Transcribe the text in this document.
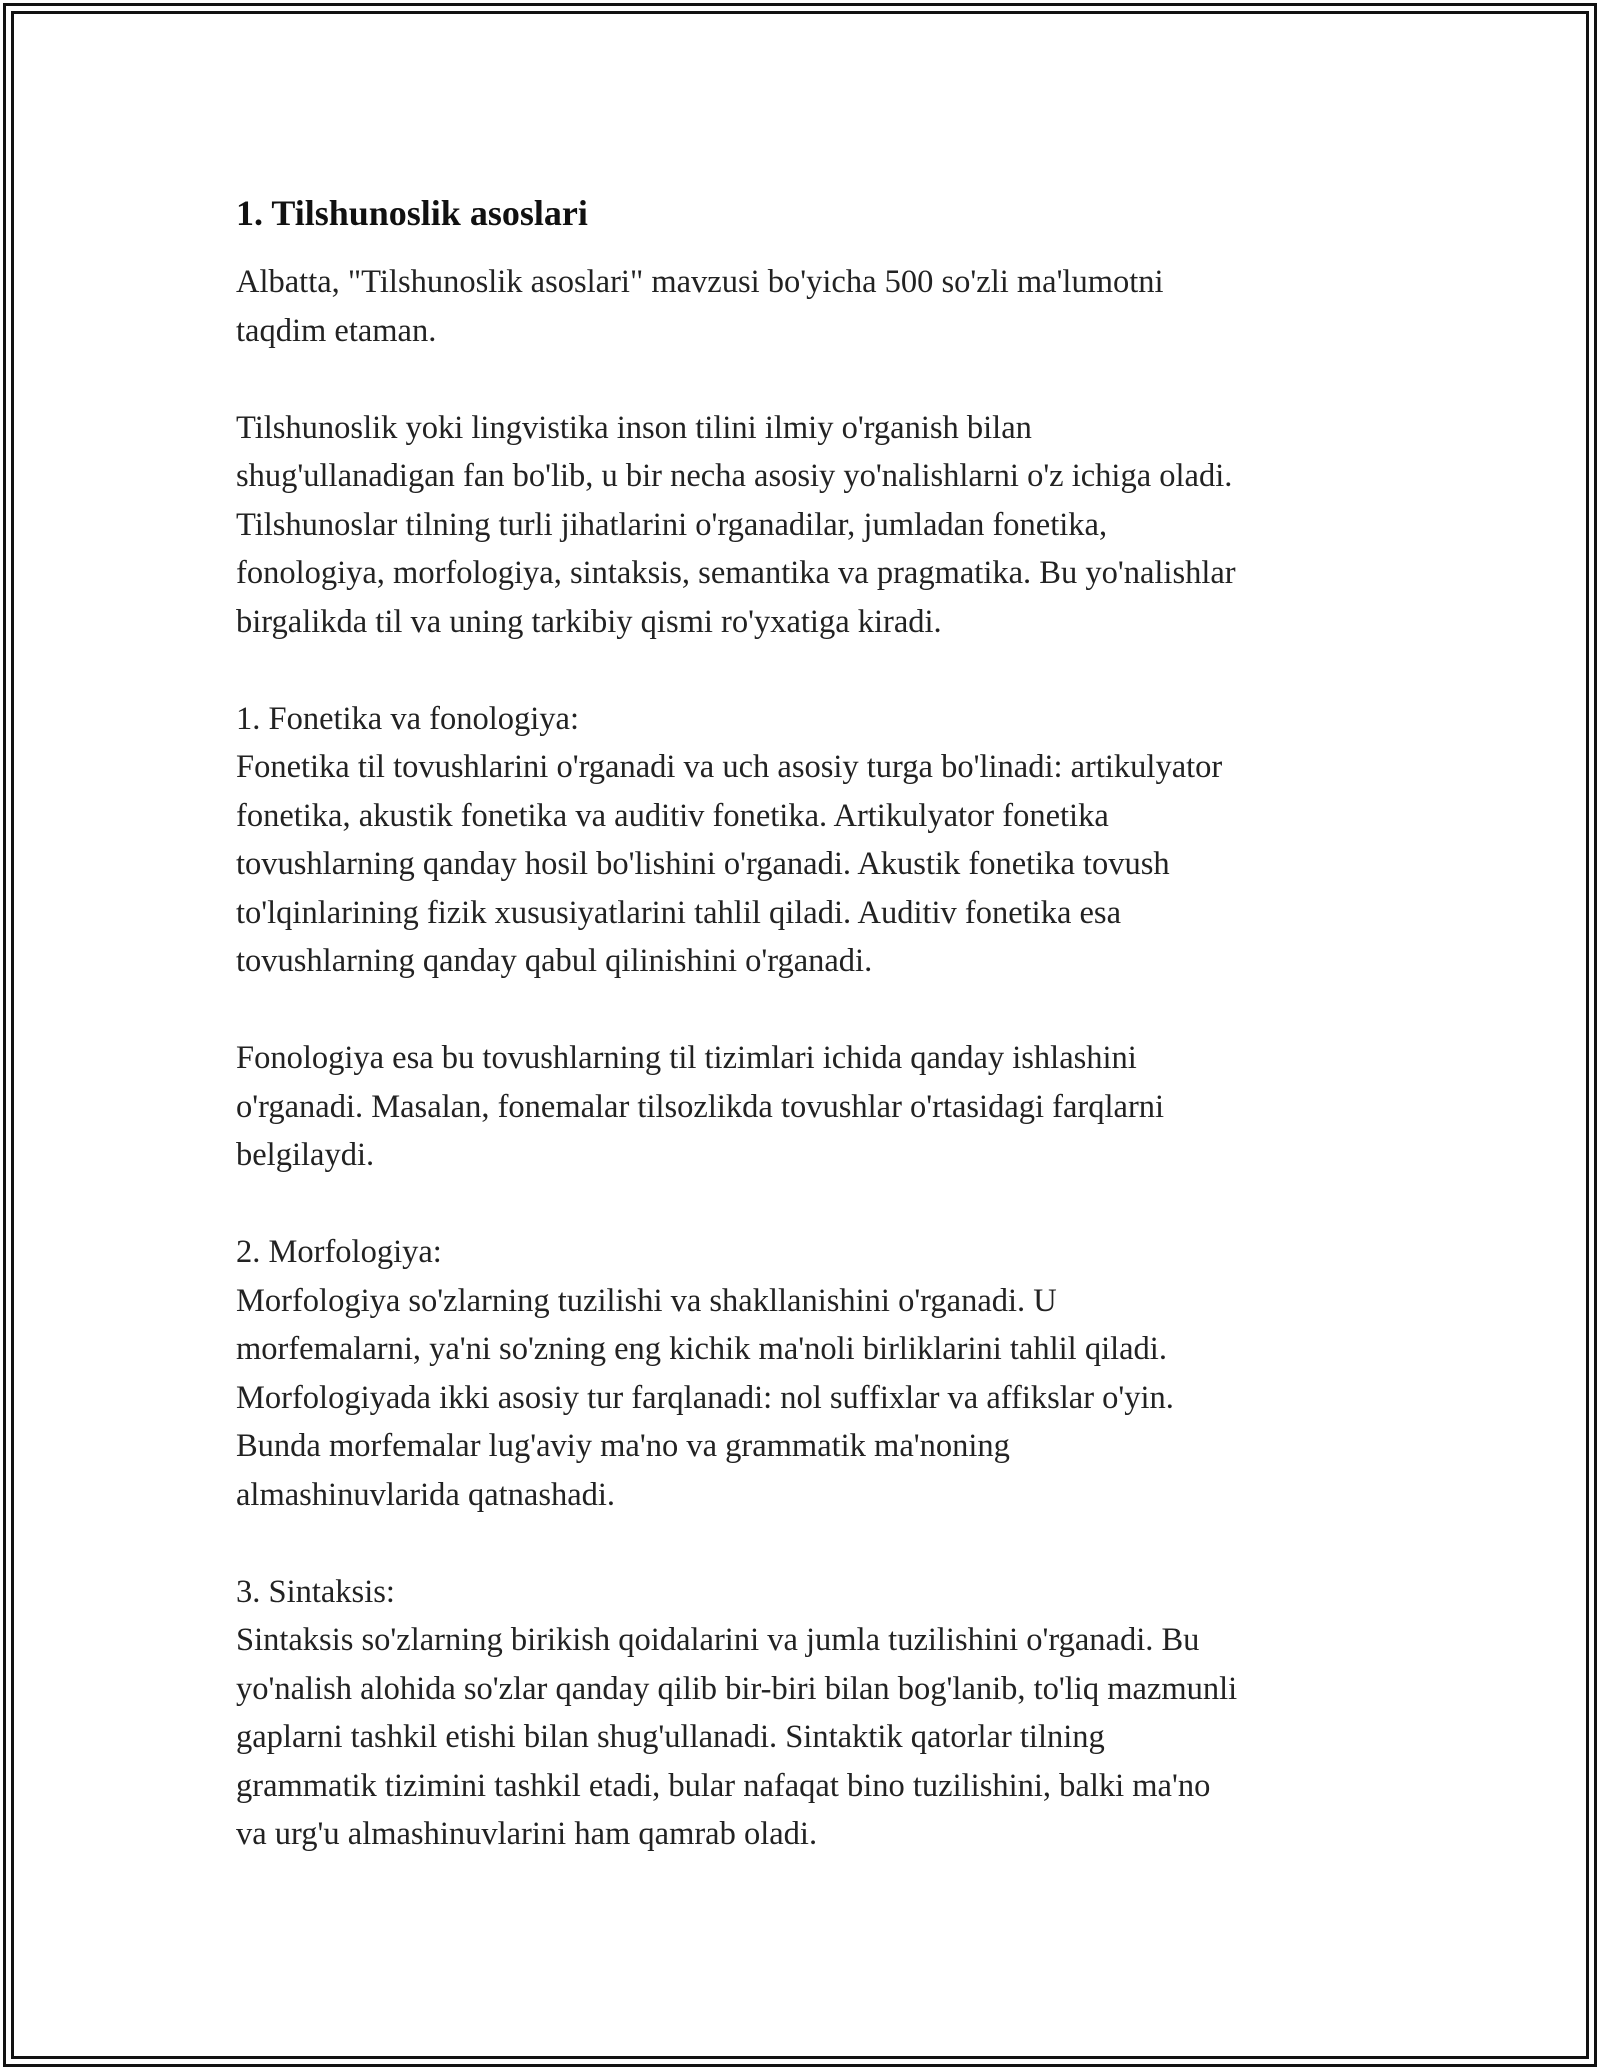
1. Tilshunoslik asoslari
Albatta, "Tilshunoslik asoslari" mavzusi bo'yicha 500 so'zli ma'lumotni
taqdim etaman.
Tilshunoslik yoki lingvistika inson tilini ilmiy o'rganish bilan
shug'ullanadigan fan bo'lib, u bir necha asosiy yo'nalishlarni o'z ichiga oladi.
Tilshunoslar tilning turli jihatlarini o'rganadilar, jumladan fonetika,
fonologiya, morfologiya, sintaksis, semantika va pragmatika. Bu yo'nalishlar
birgalikda til va uning tarkibiy qismi ro'yxatiga kiradi.
1. Fonetika va fonologiya:
Fonetika til tovushlarini o'rganadi va uch asosiy turga bo'linadi: artikulyator
fonetika, akustik fonetika va auditiv fonetika. Artikulyator fonetika
tovushlarning qanday hosil bo'lishini o'rganadi. Akustik fonetika tovush
to'lqinlarining fizik xususiyatlarini tahlil qiladi. Auditiv fonetika esa
tovushlarning qanday qabul qilinishini o'rganadi.
Fonologiya esa bu tovushlarning til tizimlari ichida qanday ishlashini
o'rganadi. Masalan, fonemalar tilsozlikda tovushlar o'rtasidagi farqlarni
belgilaydi.
2. Morfologiya:
Morfologiya so'zlarning tuzilishi va shakllanishini o'rganadi. U
morfemalarni, ya'ni so'zning eng kichik ma'noli birliklarini tahlil qiladi.
Morfologiyada ikki asosiy tur farqlanadi: nol suffixlar va affikslar o'yin.
Bunda morfemalar lug'aviy ma'no va grammatik ma'noning
almashinuvlarida qatnashadi.
3. Sintaksis:
Sintaksis so'zlarning birikish qoidalarini va jumla tuzilishini o'rganadi. Bu
yo'nalish alohida so'zlar qanday qilib bir-biri bilan bog'lanib, to'liq mazmunli
gaplarni tashkil etishi bilan shug'ullanadi. Sintaktik qatorlar tilning
grammatik tizimini tashkil etadi, bular nafaqat bino tuzilishini, balki ma'no
va urg'u almashinuvlarini ham qamrab oladi.
